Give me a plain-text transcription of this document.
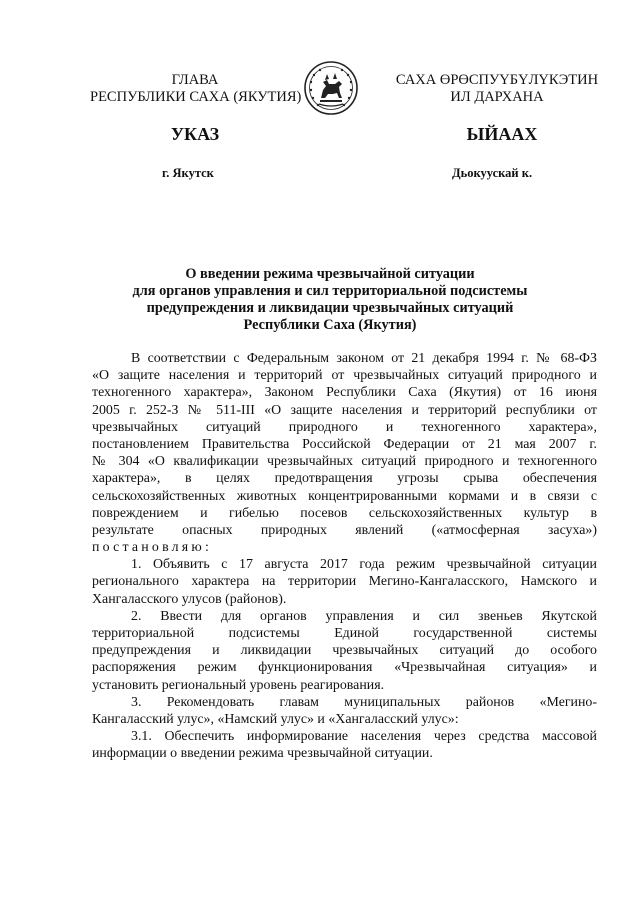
ГЛАВА
РЕСПУБЛИКИ САХА (ЯКУТИЯ)
САХА ӨРӨСПУҮБҮЛҮКЭТИН
ИЛ ДАРХАНА
УКАЗ	ЫЙААХ
г. Якутск	Дьокуускай к.
О введении режима чрезвычайной ситуации
для органов управления и сил территориальной подсистемы
предупреждения и ликвидации чрезвычайных ситуаций
Республики Саха (Якутия)
В соответствии с Федеральным законом от 21 декабря 1994 г. № 68-ФЗ
«О защите населения и территорий от чрезвычайных ситуаций природного и
техногенного характера», Законом Республики Саха (Якутия) от 16 июня
2005 г. 252-З № 511-III «О защите населения и территорий республики от
чрезвычайных ситуаций природного и техногенного характера»,
постановлением Правительства Российской Федерации от 21 мая 2007 г.
№ 304 «О квалификации чрезвычайных ситуаций природного и техногенного
характера», в целях предотвращения угрозы срыва обеспечения
сельскохозяйственных животных концентрированными кормами и в связи с
повреждением и гибелью посевов сельскохозяйственных культур в
результате опасных природных явлений («атмосферная засуха»)
постановляю:
1. Объявить с 17 августа 2017 года режим чрезвычайной ситуации
регионального характера на территории Мегино-Кангаласского, Намского и
Хангаласского улусов (районов).
2. Ввести для органов управления и сил звеньев Якутской
территориальной подсистемы Единой государственной системы
предупреждения и ликвидации чрезвычайных ситуаций до особого
распоряжения режим функционирования «Чрезвычайная ситуация» и
установить региональный уровень реагирования.
3. Рекомендовать главам муниципальных районов «Мегино-
Кангаласский улус», «Намский улус» и «Хангаласский улус»:
3.1. Обеспечить информирование населения через средства массовой
информации о введении режима чрезвычайной ситуации.
